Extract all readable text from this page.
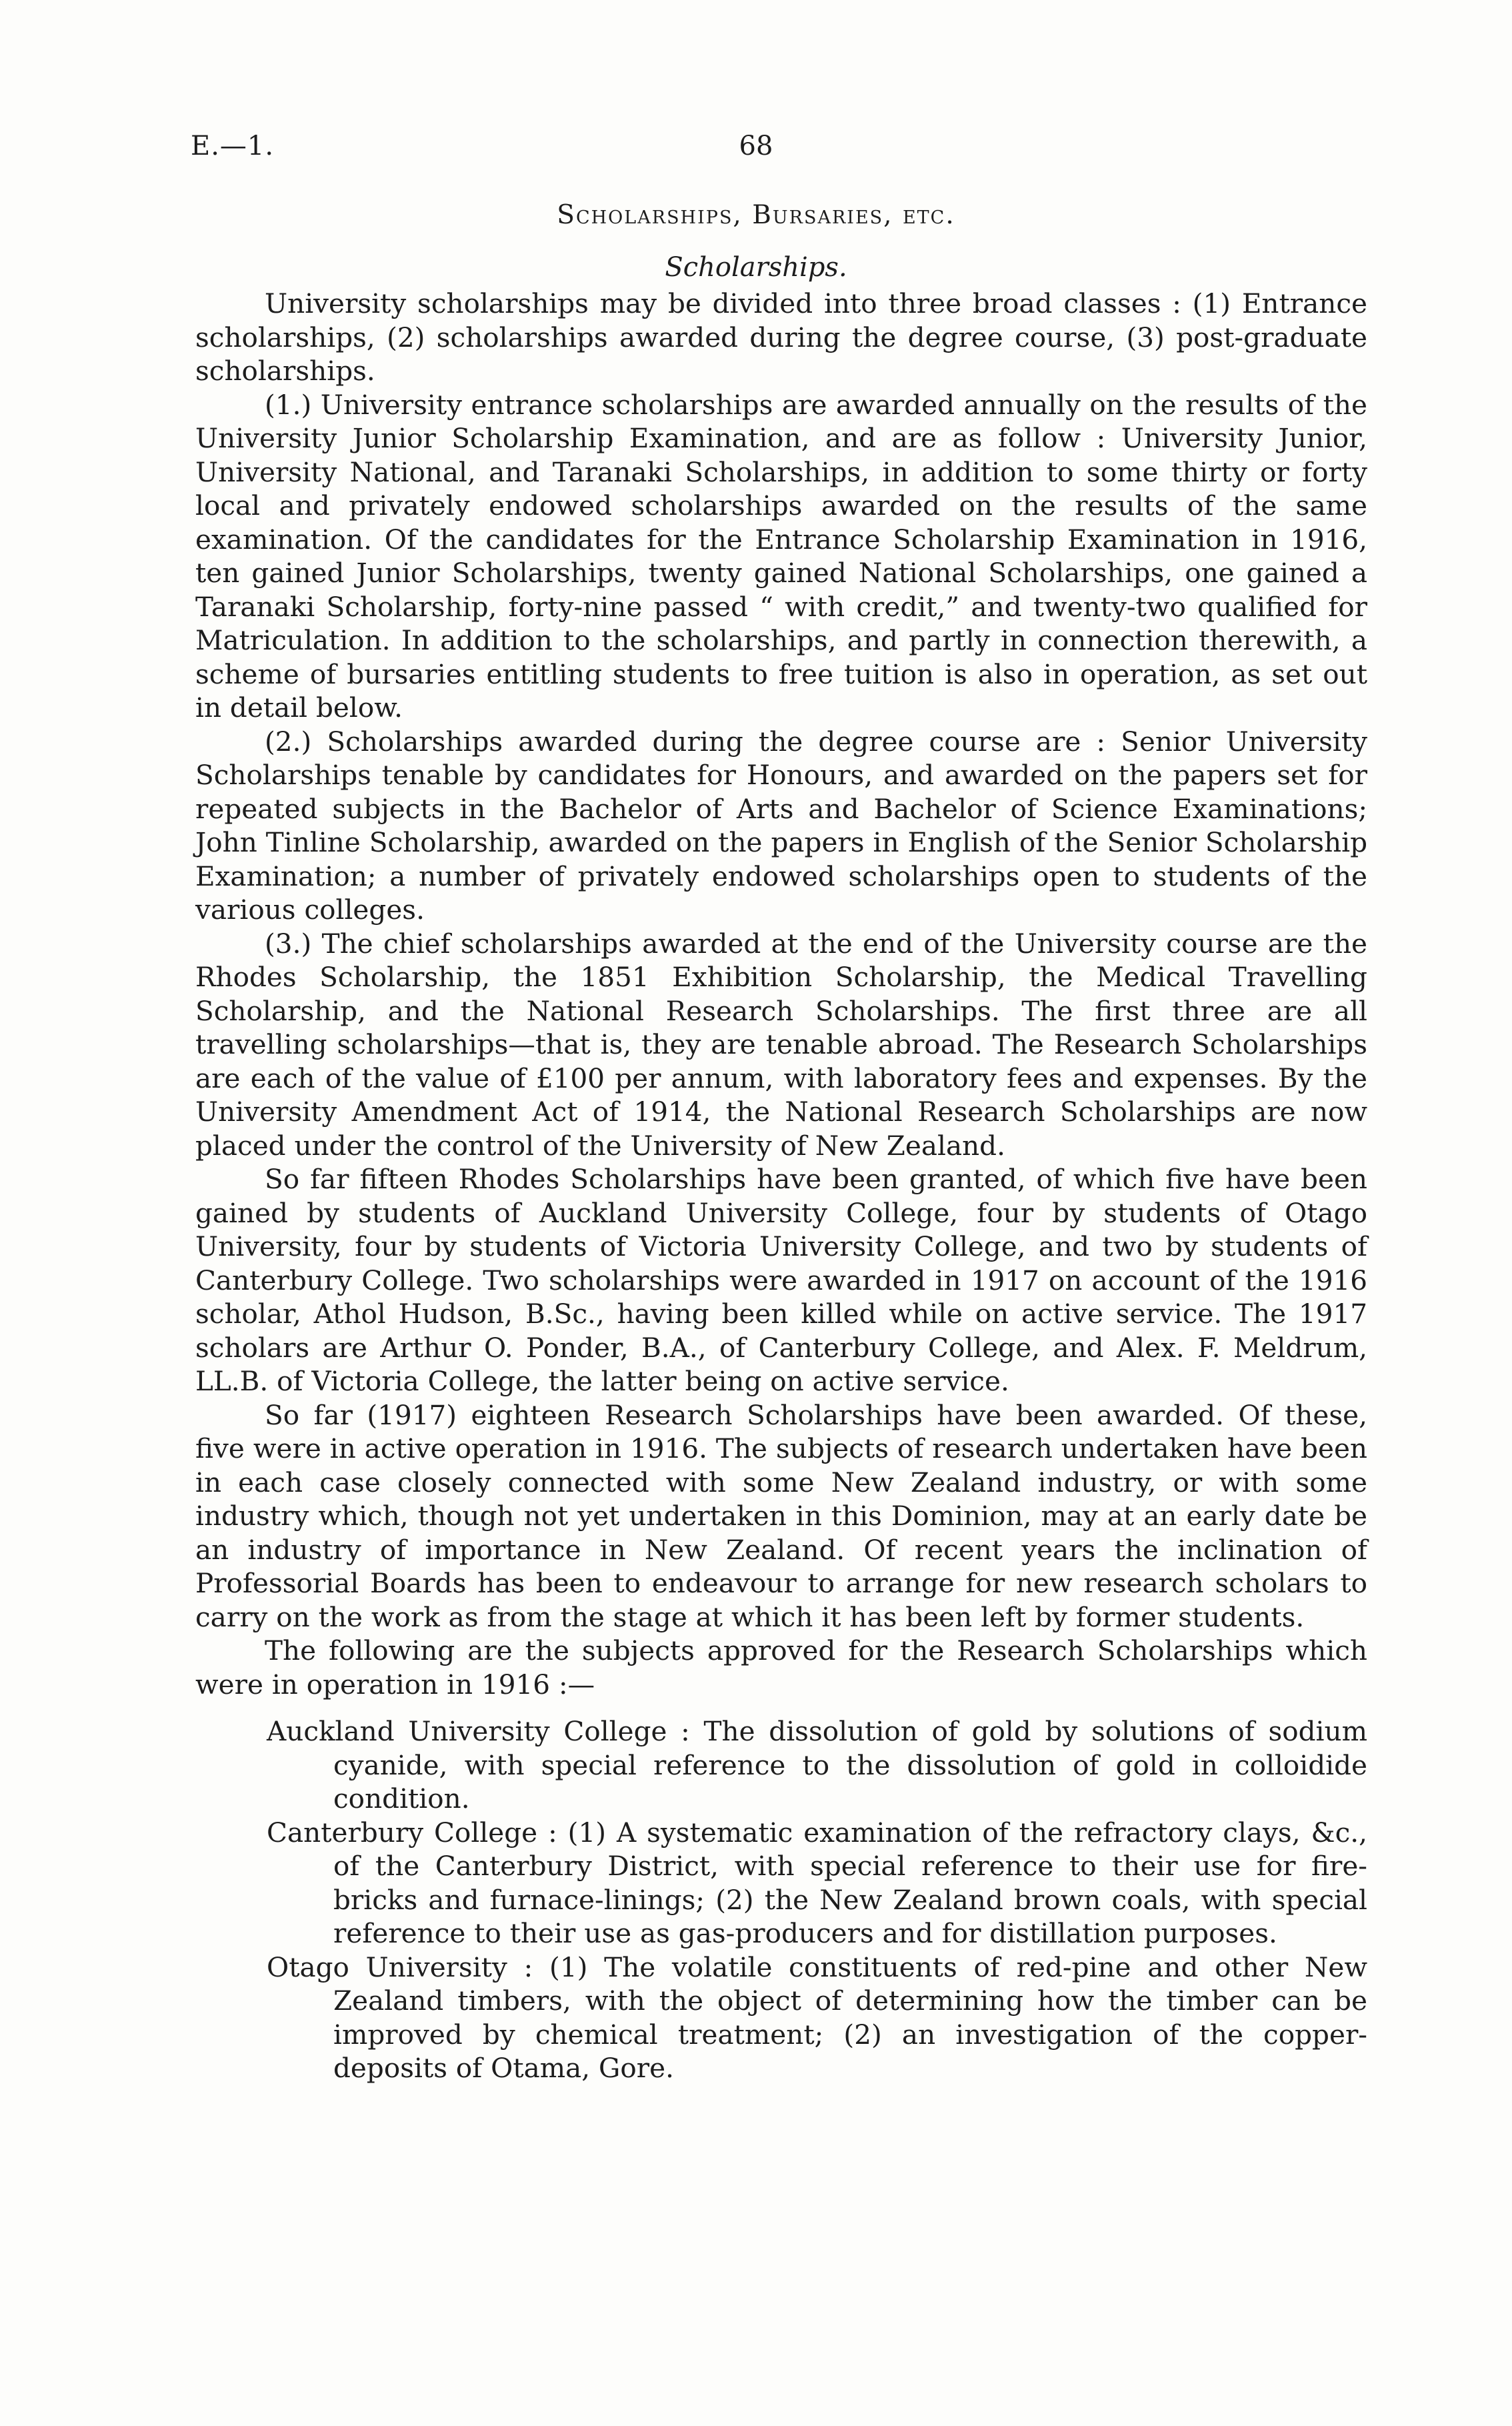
E.—1.	68
Scholarships, Bursaries, etc.
Scholarships.

University scholarships may be divided into three broad classes : (1) Entrance scholarships, (2) scholarships awarded during the degree course, (3) post-graduate scholarships.

(1.) University entrance scholarships are awarded annually on the results of the University Junior Scholarship Examination, and are as follow : University Junior, University National, and Taranaki Scholarships, in addition to some thirty or forty local and privately endowed scholarships awarded on the results of the same examination. Of the candidates for the Entrance Scholarship Examination in 1916, ten gained Junior Scholarships, twenty gained National Scholarships, one gained a Taranaki Scholarship, forty-nine passed “ with credit,” and twenty-two qualified for Matriculation. In addition to the scholarships, and partly in connection therewith, a scheme of bursaries entitling students to free tuition is also in operation, as set out in detail below.

(2.) Scholarships awarded during the degree course are : Senior University Scholarships tenable by candidates for Honours, and awarded on the papers set for repeated subjects in the Bachelor of Arts and Bachelor of Science Examinations; John Tinline Scholarship, awarded on the papers in English of the Senior Scholarship Examination; a number of privately endowed scholarships open to students of the various colleges.

(3.) The chief scholarships awarded at the end of the University course are the Rhodes Scholarship, the 1851 Exhibition Scholarship, the Medical Travelling Scholarship, and the National Research Scholarships. The first three are all travelling scholarships—that is, they are tenable abroad. The Research Scholarships are each of the value of £100 per annum, with laboratory fees and expenses. By the University Amendment Act of 1914, the National Research Scholarships are now placed under the control of the University of New Zealand.

So far fifteen Rhodes Scholarships have been granted, of which five have been gained by students of Auckland University College, four by students of Otago University, four by students of Victoria University College, and two by students of Canterbury College. Two scholarships were awarded in 1917 on account of the 1916 scholar, Athol Hudson, B.Sc., having been killed while on active service. The 1917 scholars are Arthur O. Ponder, B.A., of Canterbury College, and Alex. F. Meldrum, LL.B. of Victoria College, the latter being on active service.

So far (1917) eighteen Research Scholarships have been awarded. Of these, five were in active operation in 1916. The subjects of research undertaken have been in each case closely connected with some New Zealand industry, or with some industry which, though not yet undertaken in this Dominion, may at an early date be an industry of importance in New Zealand. Of recent years the inclination of Professorial Boards has been to endeavour to arrange for new research scholars to carry on the work as from the stage at which it has been left by former students.

The following are the subjects approved for the Research Scholarships which were in operation in 1916 :—

Auckland University College : The dissolution of gold by solutions of sodium cyanide, with special reference to the dissolution of gold in colloidide condition.
Canterbury College : (1) A systematic examination of the refractory clays, &c., of the Canterbury District, with special reference to their use for fire-bricks and furnace-linings; (2) the New Zealand brown coals, with special reference to their use as gas-producers and for distillation purposes.
Otago University : (1) The volatile constituents of red-pine and other New Zealand timbers, with the object of determining how the timber can be improved by chemical treatment; (2) an investigation of the copper-deposits of Otama, Gore.
